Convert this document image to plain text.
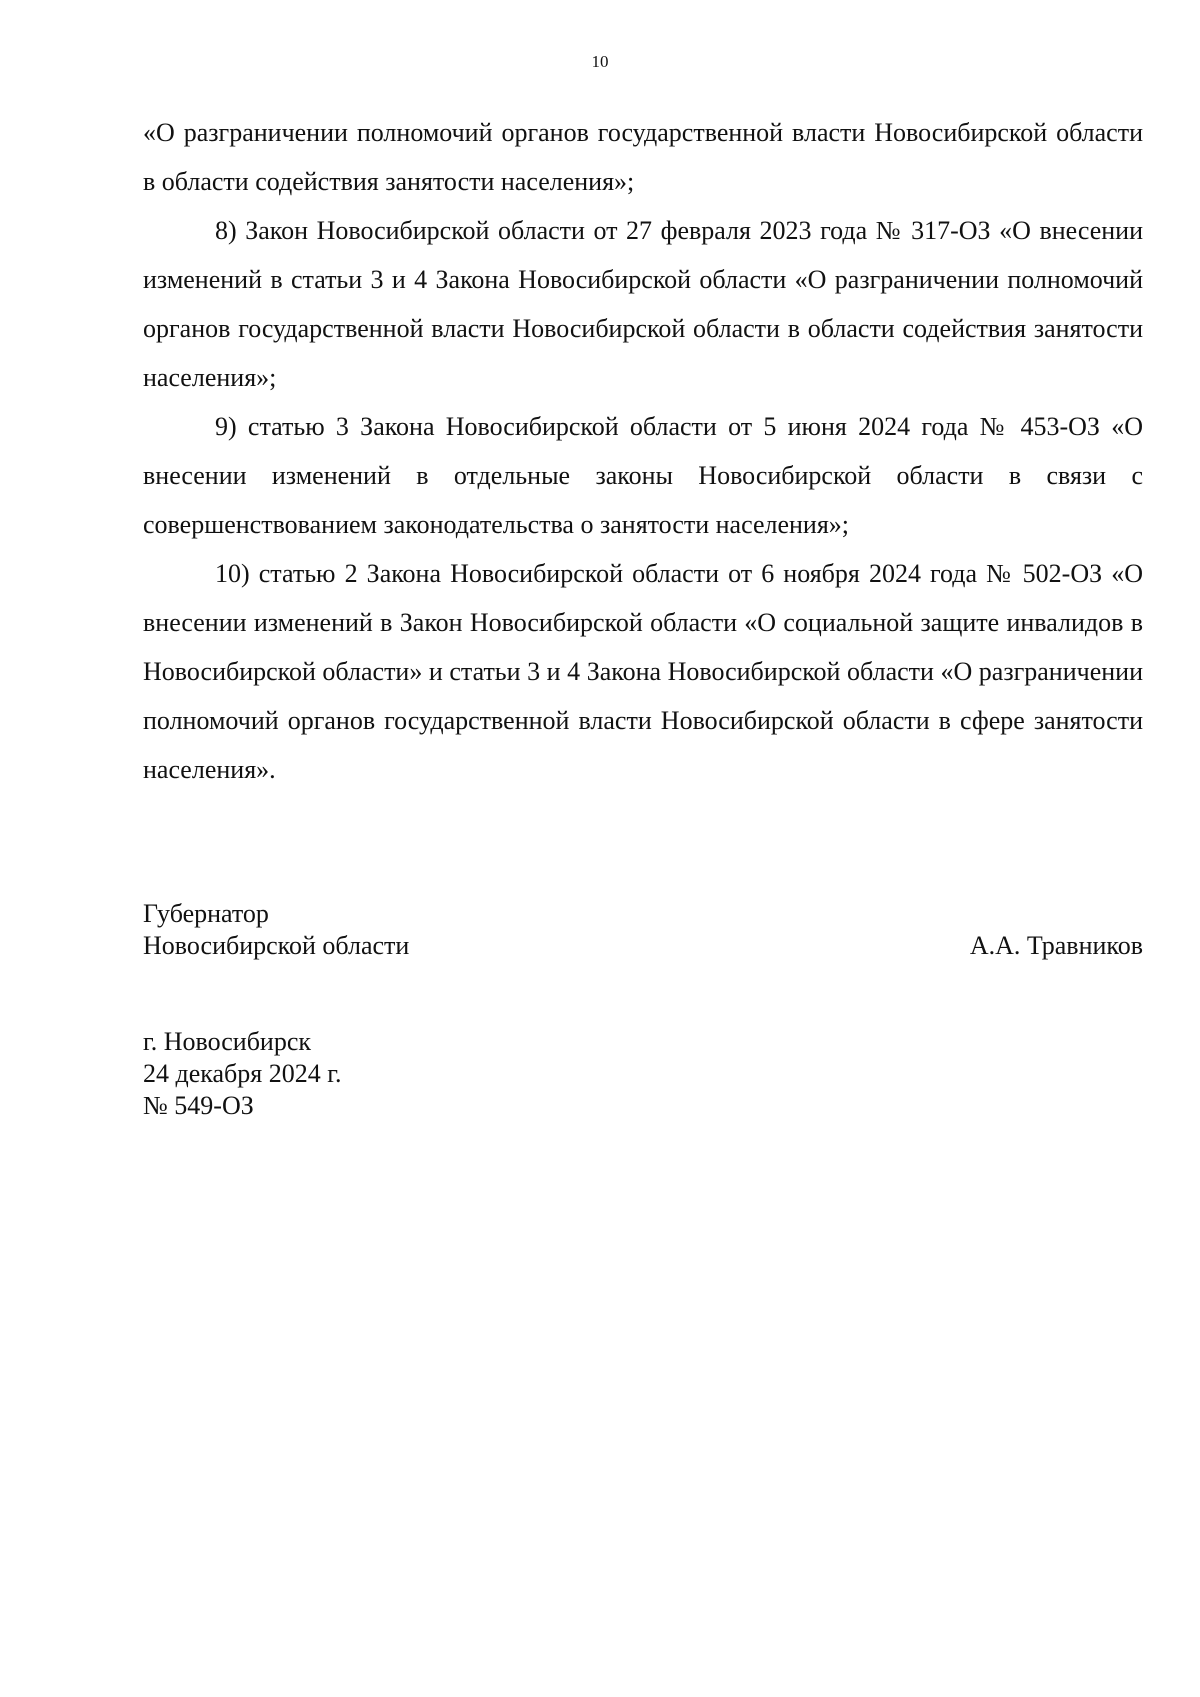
10

«О разграничении полномочий органов государственной власти Новосибирской области в области содействия занятости населения»;

8) Закон Новосибирской области от 27 февраля 2023 года № 317-ОЗ «О внесении изменений в статьи 3 и 4 Закона Новосибирской области «О разграничении полномочий органов государственной власти Новосибирской области в области содействия занятости населения»;

9) статью 3 Закона Новосибирской области от 5 июня 2024 года № 453-ОЗ «О внесении изменений в отдельные законы Новосибирской области в связи с совершенствованием законодательства о занятости населения»;

10) статью 2 Закона Новосибирской области от 6 ноября 2024 года № 502-ОЗ «О внесении изменений в Закон Новосибирской области «О социальной защите инвалидов в Новосибирской области» и статьи 3 и 4 Закона Новосибирской области «О разграничении полномочий органов государственной власти Новосибирской области в сфере занятости населения».

Губернатор
Новосибирской области	А.А. Травников
г. Новосибирск
24 декабря 2024 г.
№ 549-ОЗ
